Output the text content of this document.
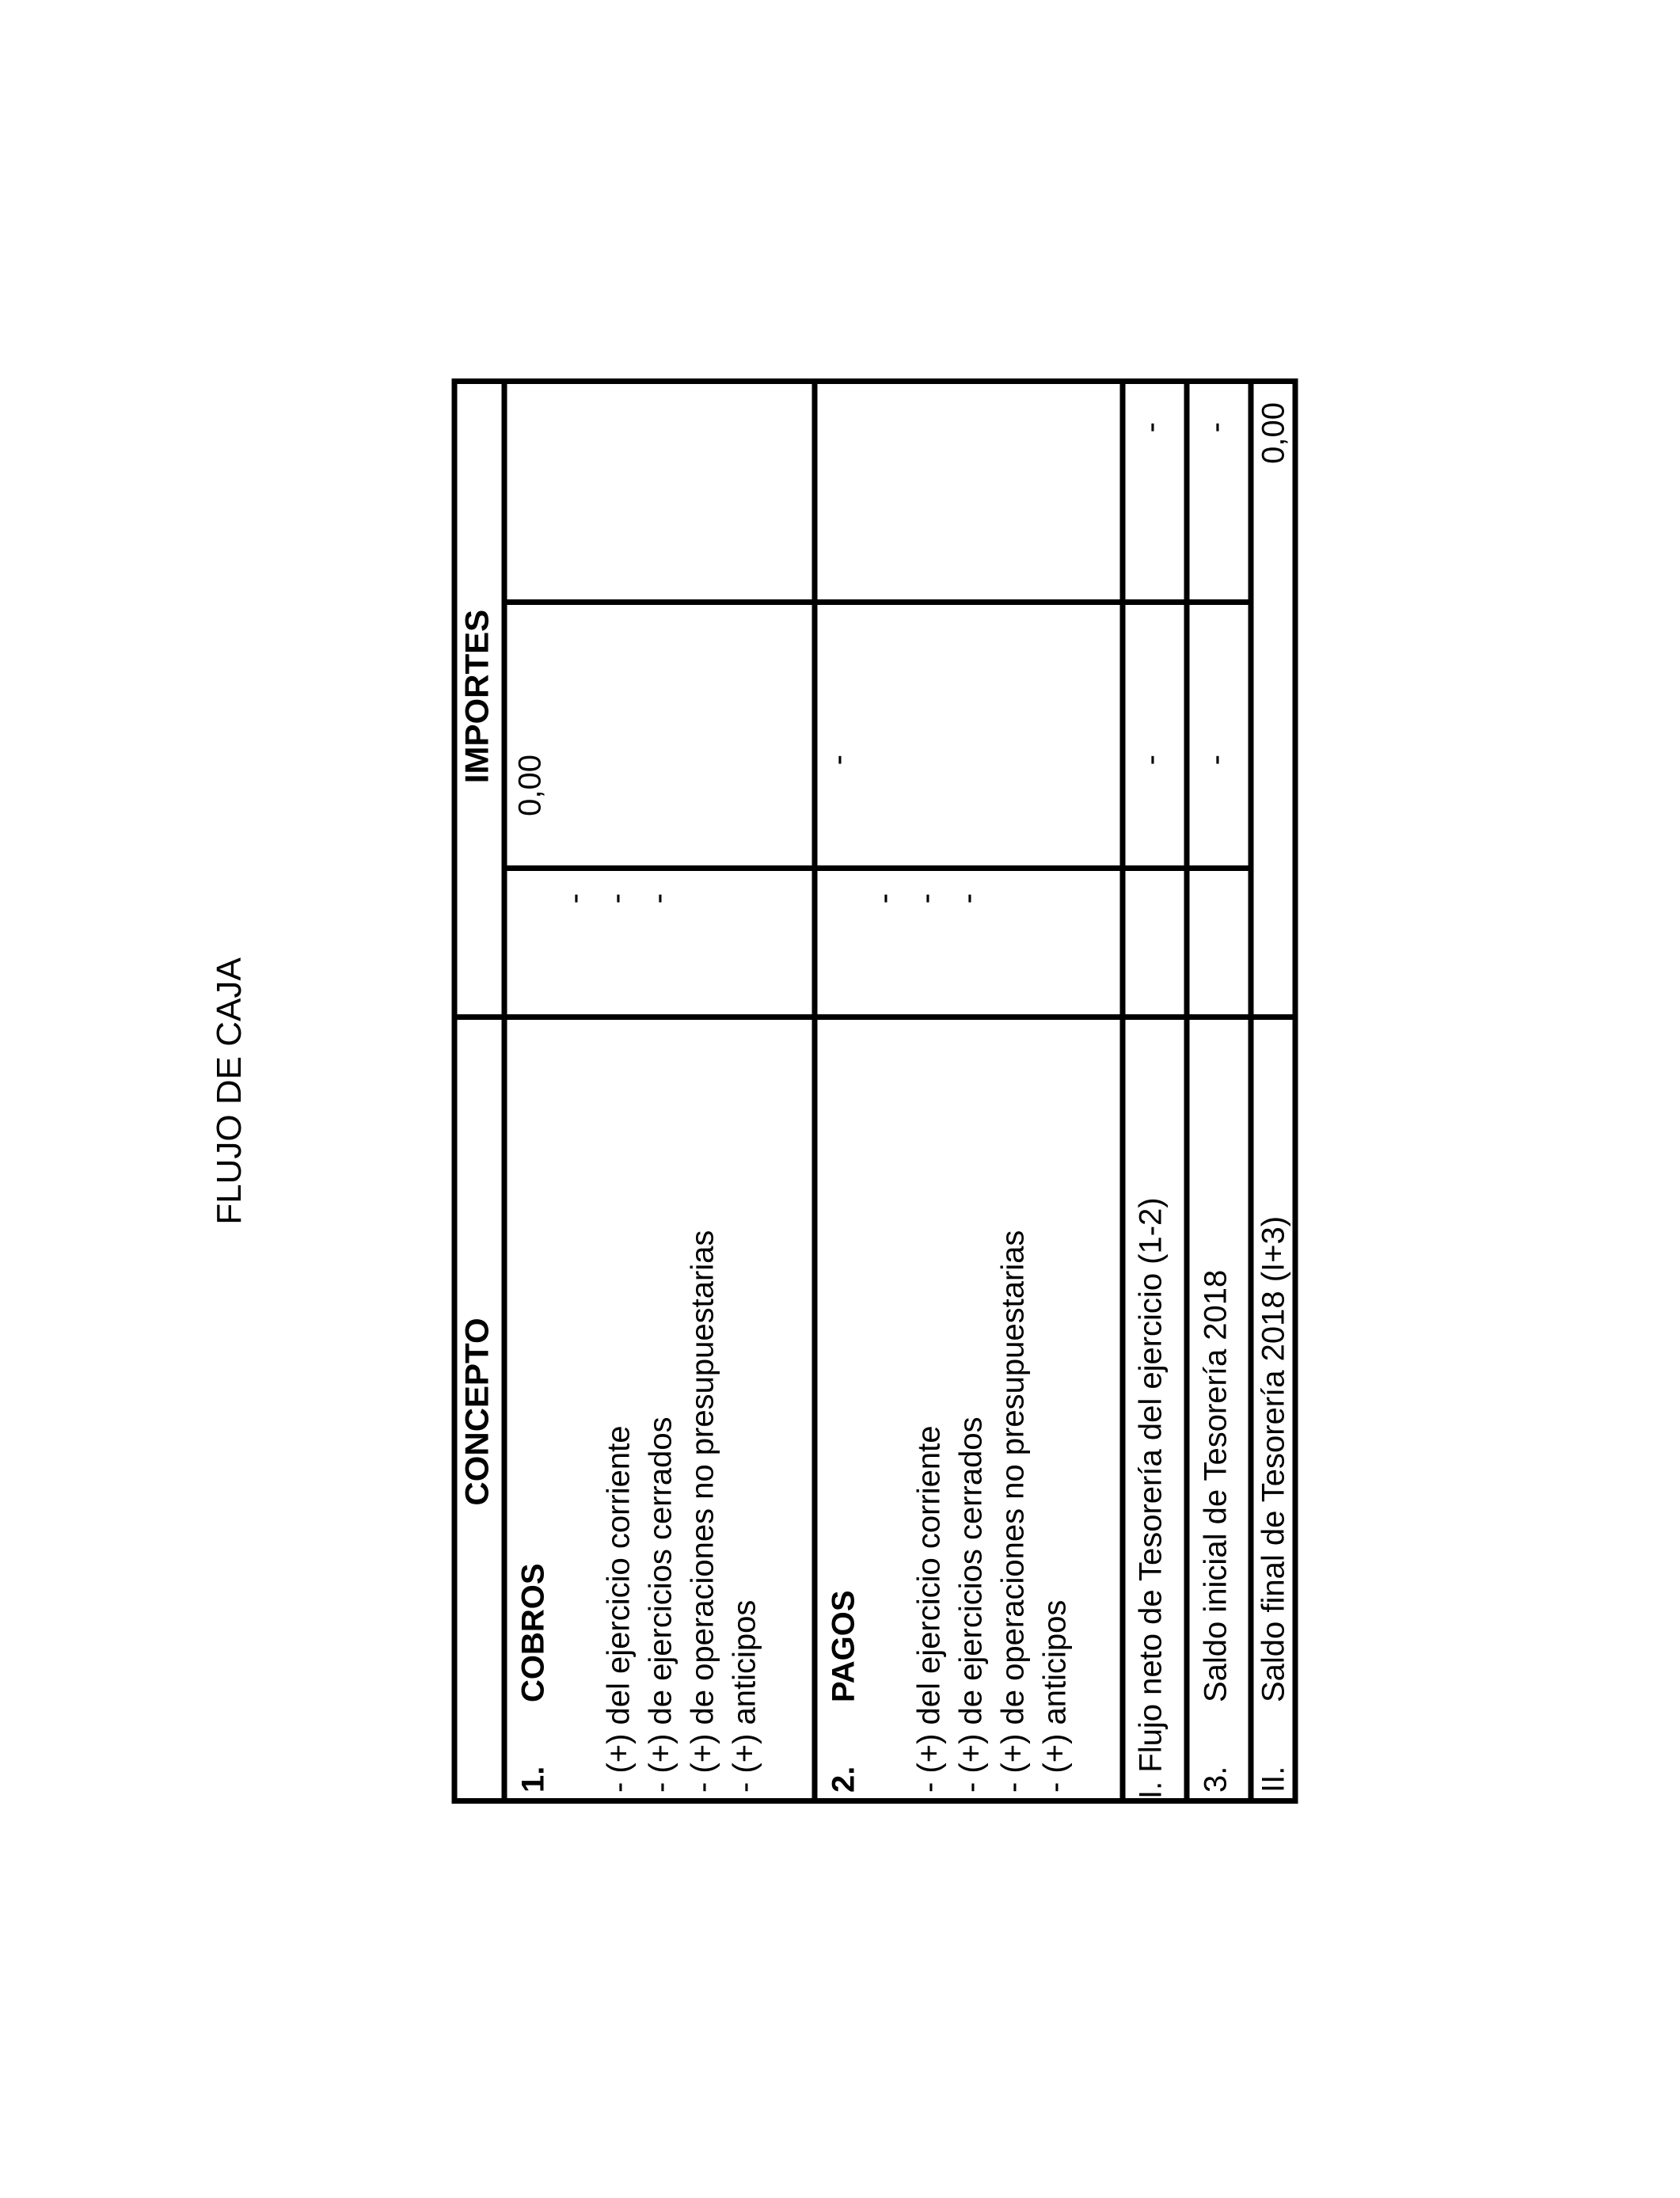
FLUJO DE CAJA
CONCEPTO
IMPORTES
1.
COBROS - (+) del ejercicio corriente - (+) de ejercicios cerrados - (+) de operaciones no presupuestarias - (+) anticipos
- - -
0,00
2.
PAGOS - (+) del ejercicio corriente - (+) de ejercicios cerrados - (+) de operaciones no presupuestarias - (+) anticipos
- - -
-
I. Flujo neto de Tesorería del ejercicio (1-2)
-
-
3.
Saldo inicial de Tesorería 2018
-
-
II.
Saldo final de Tesorería 2018 (I+3)
0,00
